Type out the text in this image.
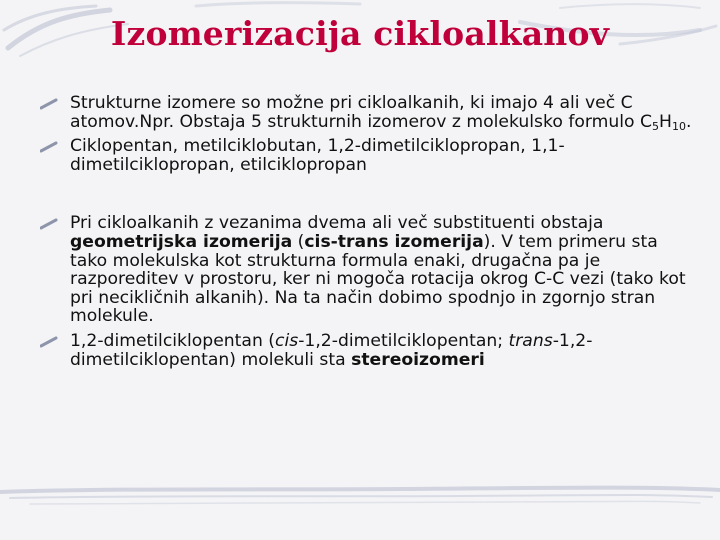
Izomerizacija cikloalkanov
Strukturne izomere so možne pri cikloalkanih, ki imajo 4 ali več C atomov.Npr. Obstaja 5 strukturnih izomerov z molekulsko formulo $C_5H_{10}$.
Ciklopentan, metilciklobutan, 1,2-dimetilciklopropan, 1,1-dimetilciklopropan, etilciklopropan
Pri cikloalkanih z vezanima dvema ali več substituenti obstaja geometrijska izomerija (cis-trans izomerija). V tem primeru sta tako molekulska kot strukturna formula enaki, drugačna pa je razporeditev v prostoru, ker ni mogoča rotacija okrog C-C vezi (tako kot pri necikličnih alkanih). Na ta način dobimo spodnjo in zgornjo stran molekule.
1,2-dimetilciklopentan (cis-1,2-dimetilciklopentan; trans-1,2-dimetilciklopentan) molekuli sta stereoizomeri
